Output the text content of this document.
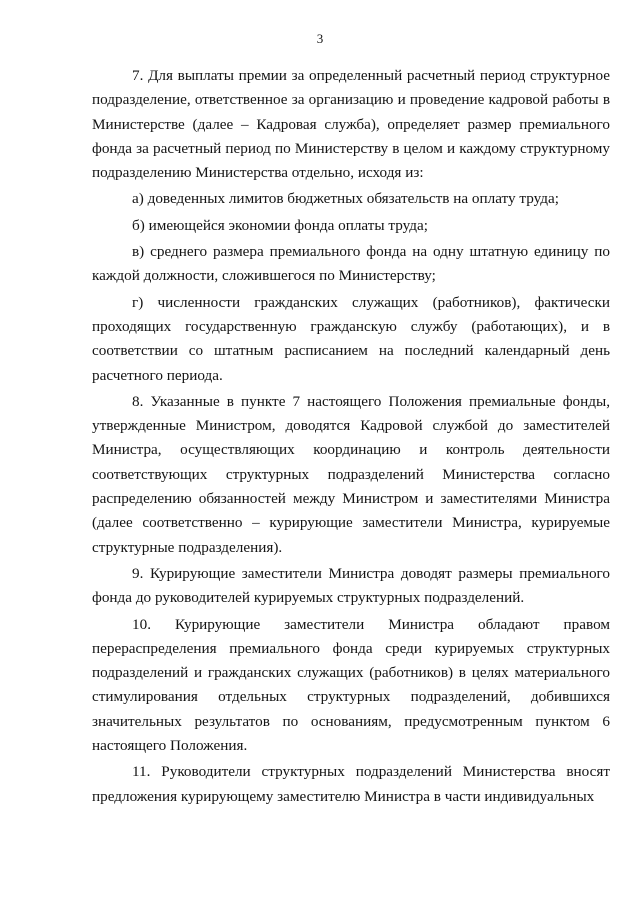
3

7. Для выплаты премии за определенный расчетный период структурное подразделение, ответственное за организацию и проведение кадровой работы в Министерстве (далее – Кадровая служба), определяет размер премиального фонда за расчетный период по Министерству в целом и каждому структурному подразделению Министерства отдельно, исходя из:

а) доведенных лимитов бюджетных обязательств на оплату труда;

б) имеющейся экономии фонда оплаты труда;

в) среднего размера премиального фонда на одну штатную единицу по каждой должности, сложившегося по Министерству;

г) численности гражданских служащих (работников), фактически проходящих государственную гражданскую службу (работающих), и в соответствии со штатным расписанием на последний календарный день расчетного периода.

8. Указанные в пункте 7 настоящего Положения премиальные фонды, утвержденные Министром, доводятся Кадровой службой до заместителей Министра, осуществляющих координацию и контроль деятельности соответствующих структурных подразделений Министерства согласно распределению обязанностей между Министром и заместителями Министра (далее соответственно – курирующие заместители Министра, курируемые структурные подразделения).

9. Курирующие заместители Министра доводят размеры премиального фонда до руководителей курируемых структурных подразделений.

10. Курирующие заместители Министра обладают правом перераспределения премиального фонда среди курируемых структурных подразделений и гражданских служащих (работников) в целях материального стимулирования отдельных структурных подразделений, добившихся значительных результатов по основаниям, предусмотренным пунктом 6 настоящего Положения.

11. Руководители структурных подразделений Министерства вносят предложения курирующему заместителю Министра в части индивидуальных
